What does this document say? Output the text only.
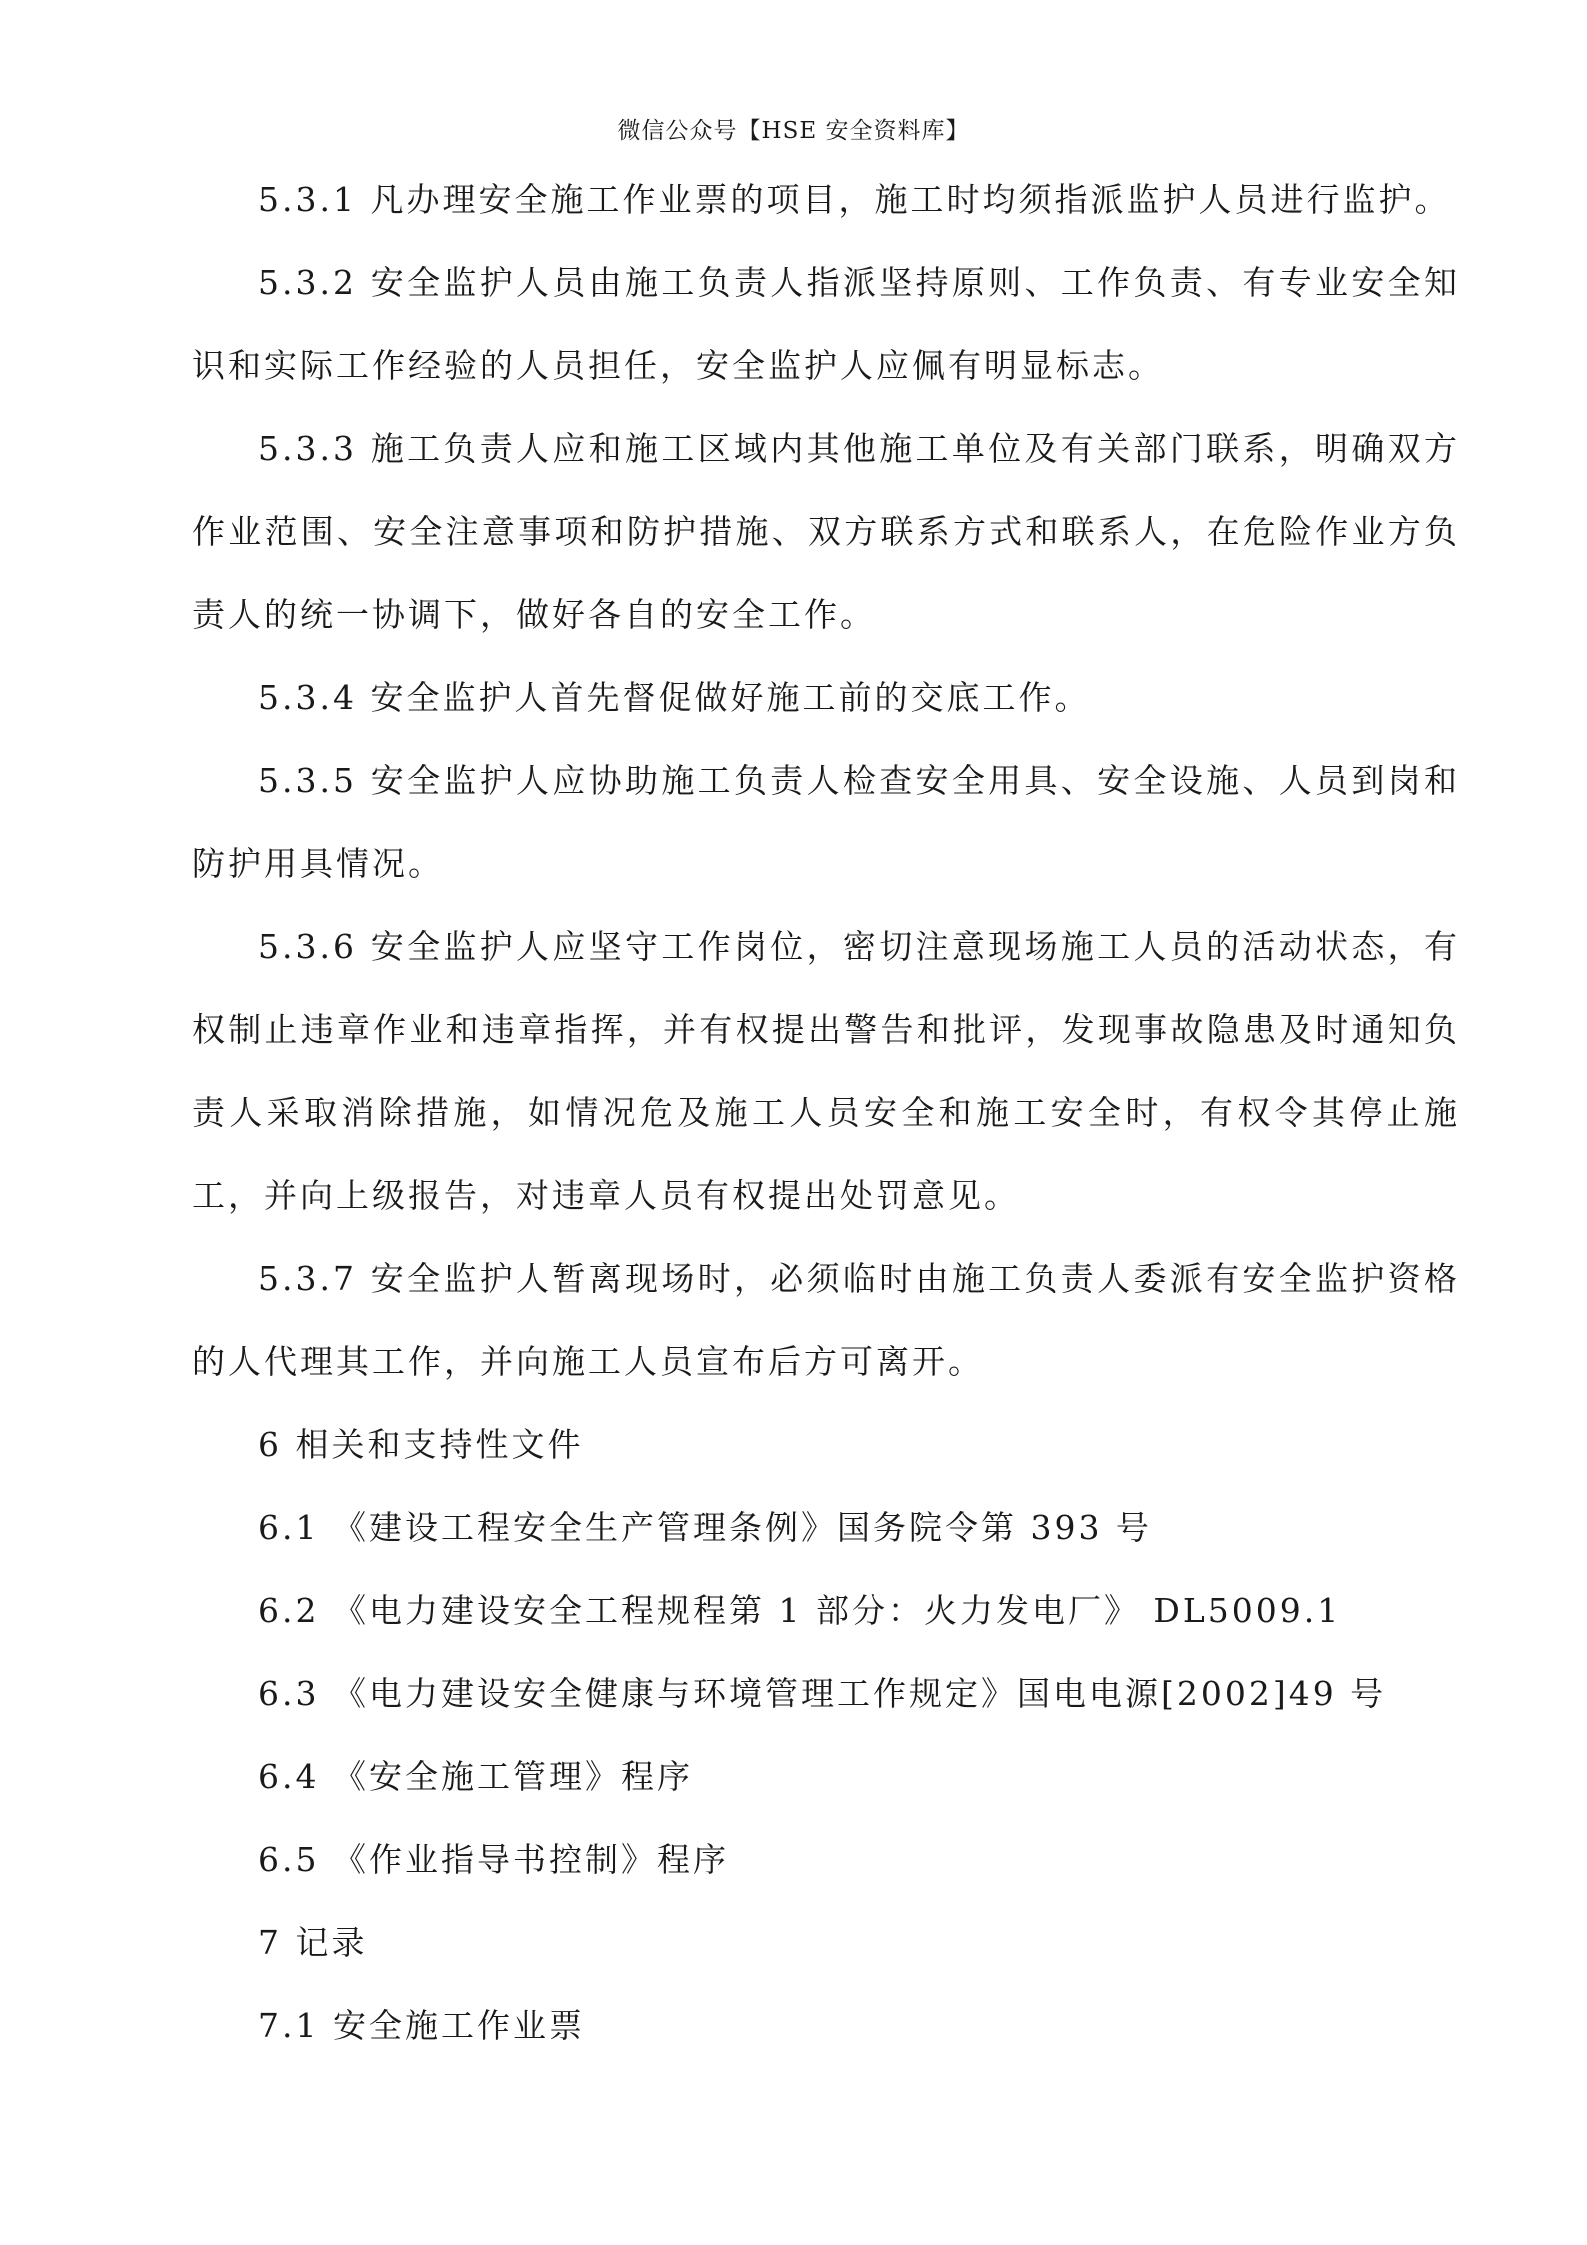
微信公众号【HSE 安全资料库】

5.3.1 凡办理安全施工作业票的项目，施工时均须指派监护人员进行监护。

5.3.2 安全监护人员由施工负责人指派坚持原则、工作负责、有专业安全知识和实际工作经验的人员担任，安全监护人应佩有明显标志。

5.3.3 施工负责人应和施工区域内其他施工单位及有关部门联系，明确双方作业范围、安全注意事项和防护措施、双方联系方式和联系人，在危险作业方负责人的统一协调下，做好各自的安全工作。

5.3.4 安全监护人首先督促做好施工前的交底工作。

5.3.5 安全监护人应协助施工负责人检查安全用具、安全设施、人员到岗和防护用具情况。

5.3.6 安全监护人应坚守工作岗位，密切注意现场施工人员的活动状态，有权制止违章作业和违章指挥，并有权提出警告和批评，发现事故隐患及时通知负责人采取消除措施，如情况危及施工人员安全和施工安全时，有权令其停止施工，并向上级报告，对违章人员有权提出处罚意见。

5.3.7 安全监护人暂离现场时，必须临时由施工负责人委派有安全监护资格的人代理其工作，并向施工人员宣布后方可离开。

6 相关和支持性文件

6.1 《建设工程安全生产管理条例》国务院令第 393 号

6.2 《电力建设安全工程规程第 1 部分：火力发电厂》 DL5009.1

6.3 《电力建设安全健康与环境管理工作规定》国电电源[2002]49 号

6.4 《安全施工管理》程序

6.5 《作业指导书控制》程序

7 记录

7.1 安全施工作业票
